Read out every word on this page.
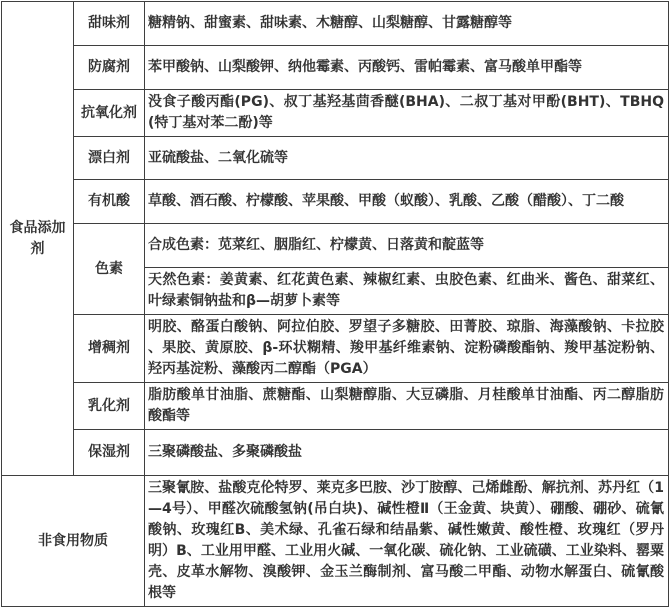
食品添加剂	甜味剂	糖精钠、甜蜜素、甜味素、木糖醇、山梨糖醇、甘露糖醇等
	防腐剂	苯甲酸钠、山梨酸钾、纳他霉素、丙酸钙、雷帕霉素、富马酸单甲酯等
	抗氧化剂	没食子酸丙酯(PG)、叔丁基羟基茴香醚(BHA)、二叔丁基对甲酚(BHT)、TBHQ(特丁基对苯二酚)等
	漂白剂	亚硫酸盐、二氧化硫等
	有机酸	草酸、酒石酸、柠檬酸、苹果酸、甲酸（蚁酸）、乳酸、乙酸（醋酸）、丁二酸
	色素	合成色素：苋菜红、胭脂红、柠檬黄、日落黄和靛蓝等
		天然色素：姜黄素、红花黄色素、辣椒红素、虫胶色素、红曲米、酱色、甜菜红、叶绿素铜钠盐和β—胡萝卜素等
	增稠剂	明胶、酪蛋白酸钠、阿拉伯胶、罗望子多糖胶、田菁胶、琼脂、海藻酸钠、卡拉胶 、果胶、黄原胶、β-环状糊精、羧甲基纤维素钠、淀粉磷酸酯钠、羧甲基淀粉钠、羟丙基淀粉、藻酸丙二醇酯（PGA）
	乳化剂	脂肪酸单甘油脂、蔗糖酯、山梨糖醇脂、大豆磷脂、月桂酸单甘油酯、丙二醇脂肪酸酯等
	保湿剂	三聚磷酸盐、多聚磷酸盐
非食用物质		三聚氰胺、盐酸克伦特罗、莱克多巴胺、沙丁胺醇、己烯雌酚、解抗剂、苏丹红（1—4号）、甲醛次硫酸氢钠(吊白块)、碱性橙Ⅱ（王金黄、块黄）、硼酸、硼砂、硫氰酸钠、玫瑰红B、美术绿、孔雀石绿和结晶紫、碱性嫩黄、酸性橙、玫瑰红（罗丹明）B、工业用甲醛、工业用火碱、一氧化碳、硫化钠、工业硫磺、工业染料、罂粟壳、皮革水解物、溴酸钾、金玉兰酶制剂、富马酸二甲酯、动物水解蛋白、硫氰酸根等
